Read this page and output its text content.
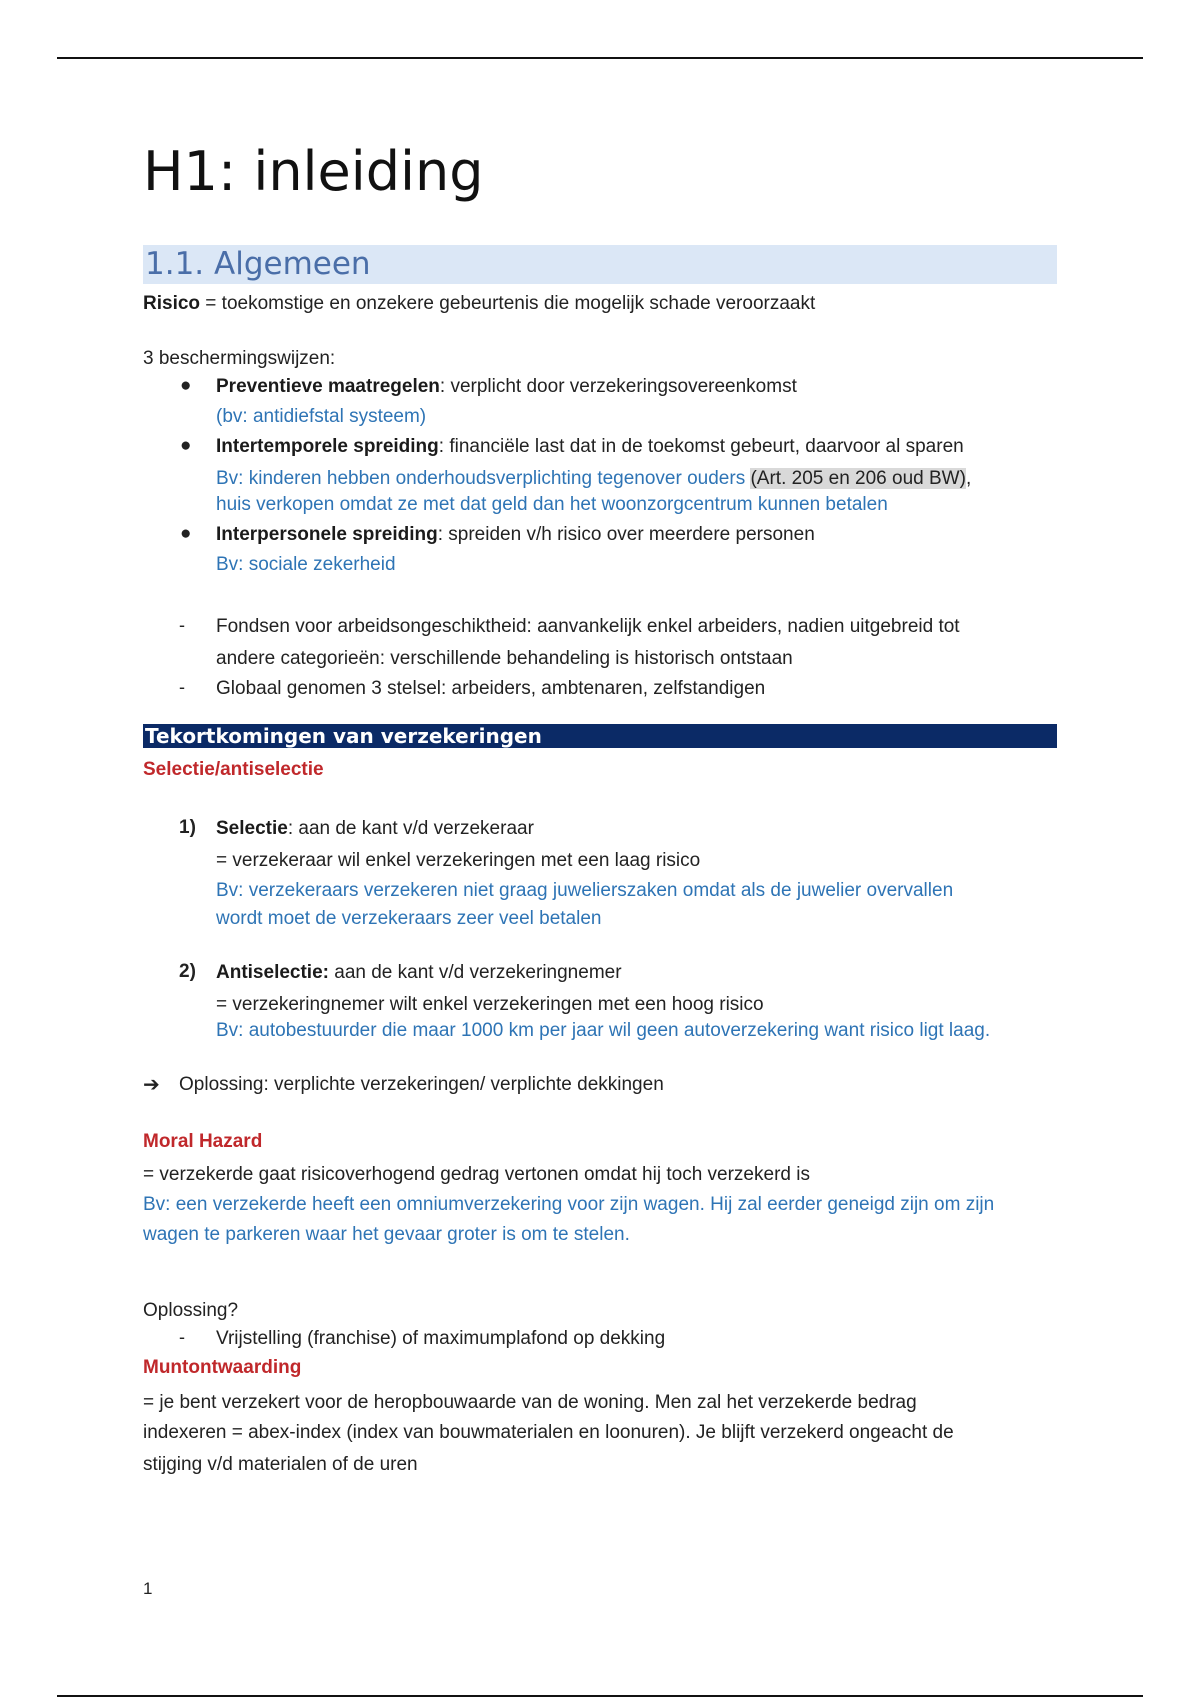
H1: inleiding
1.1. Algemeen
Risico = toekomstige en onzekere gebeurtenis die mogelijk schade veroorzaakt
3 beschermingswijzen:
● Preventieve maatregelen: verplicht door verzekeringsovereenkomst
(bv: antidiefstal systeem)
● Intertemporele spreiding: financiële last dat in de toekomst gebeurt, daarvoor al sparen
Bv: kinderen hebben onderhoudsverplichting tegenover ouders (Art. 205 en 206 oud BW),
huis verkopen omdat ze met dat geld dan het woonzorgcentrum kunnen betalen
● Interpersonele spreiding: spreiden v/h risico over meerdere personen
Bv: sociale zekerheid
- Fondsen voor arbeidsongeschiktheid: aanvankelijk enkel arbeiders, nadien uitgebreid tot
andere categorieën: verschillende behandeling is historisch ontstaan
- Globaal genomen 3 stelsel: arbeiders, ambtenaren, zelfstandigen
Tekortkomingen van verzekeringen
Selectie/antiselectie
1) Selectie: aan de kant v/d verzekeraar
= verzekeraar wil enkel verzekeringen met een laag risico
Bv: verzekeraars verzekeren niet graag juwelierszaken omdat als de juwelier overvallen
wordt moet de verzekeraars zeer veel betalen
2) Antiselectie: aan de kant v/d verzekeringnemer
= verzekeringnemer wilt enkel verzekeringen met een hoog risico
Bv: autobestuurder die maar 1000 km per jaar wil geen autoverzekering want risico ligt laag.
➔ Oplossing: verplichte verzekeringen/ verplichte dekkingen
Moral Hazard
= verzekerde gaat risicoverhogend gedrag vertonen omdat hij toch verzekerd is
Bv: een verzekerde heeft een omniumverzekering voor zijn wagen. Hij zal eerder geneigd zijn om zijn
wagen te parkeren waar het gevaar groter is om te stelen.
Oplossing?
- Vrijstelling (franchise) of maximumplafond op dekking
Muntontwaarding
= je bent verzekert voor de heropbouwaarde van de woning. Men zal het verzekerde bedrag
indexeren = abex-index (index van bouwmaterialen en loonuren). Je blijft verzekerd ongeacht de
stijging v/d materialen of de uren
1
